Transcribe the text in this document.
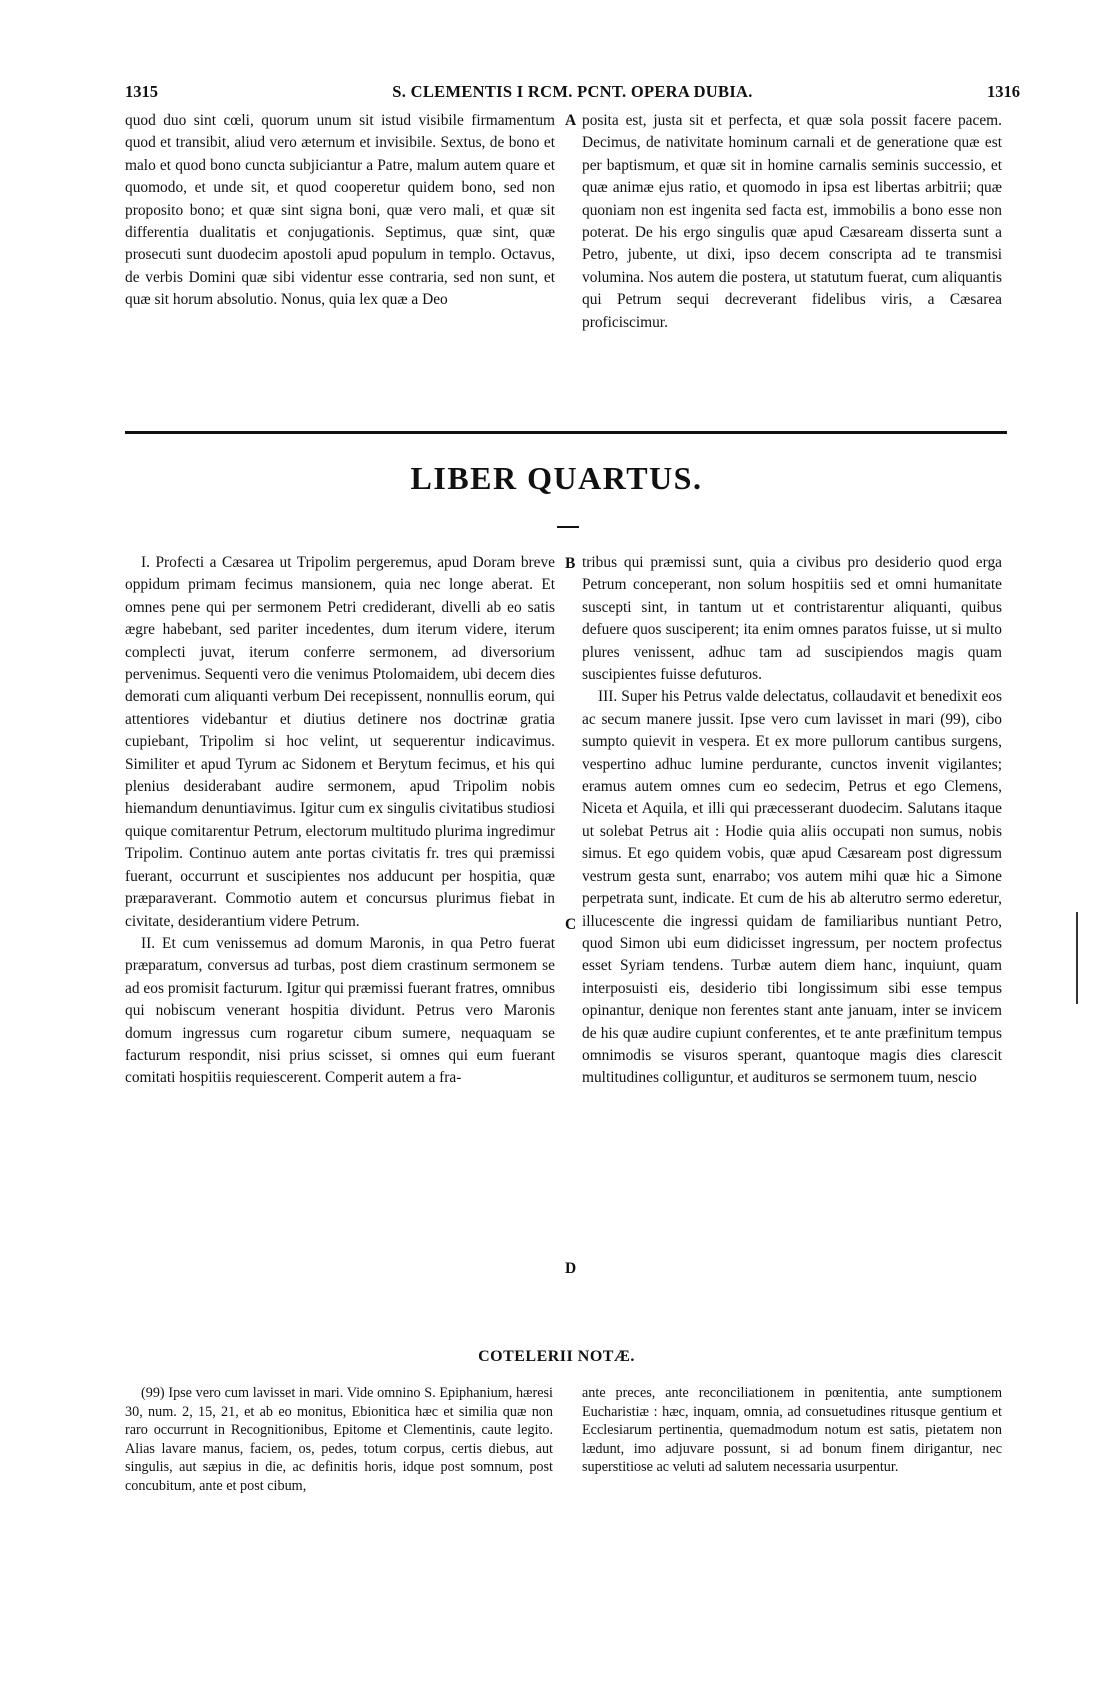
1315	S. CLEMENTIS I RCM. PCNT. OPERA DUBIA.	1316

quod duo sint cœli, quorum unum sit istud visibile firmamentum quod et transibit, aliud vero æternum et invisibile. Sextus, de bono et malo et quod bono cuncta subjiciantur a Patre, malum autem quare et quomodo, et unde sit, et quod cooperetur quidem bono, sed non proposito bono; et quæ sint signa boni, quæ vero mali, et quæ sit differentia dualitatis et conjugationis. Septimus, quæ sint, quæ prosecuti sunt duodecim apostoli apud populum in templo. Octavus, de verbis Domini quæ sibi videntur esse contraria, sed non sunt, et quæ sit horum absolutio. Nonus, quia lex quæ a Deo

A posita est, justa sit et perfecta, et quæ sola possit facere pacem. Decimus, de nativitate hominum carnali et de generatione quæ est per baptismum, et quæ sit in homine carnalis seminis successio, et quæ animæ ejus ratio, et quomodo in ipsa est libertas arbitrii; quæ quoniam non est ingenita sed facta est, immobilis a bono esse non poterat. De his ergo singulis quæ apud Cæsaream disserta sunt a Petro, jubente, ut dixi, ipso decem conscripta ad te transmisi volumina. Nos autem die postera, ut statutum fuerat, cum aliquantis qui Petrum sequi decreverant fidelibus viris, a Cæsarea proficiscimur.

LIBER QUARTUS.

I. Profecti a Cæsarea ut Tripolim pergeremus, apud Doram breve oppidum primam fecimus mansionem, quia nec longe aberat. Et omnes pene qui per sermonem Petri crediderant, divelli ab eo satis ægre habebant, sed pariter incedentes, dum iterum videre, iterum complecti juvat, iterum conferre sermonem, ad diversorium pervenimus. Sequenti vero die venimus Ptolomaidem, ubi decem dies demorati cum aliquanti verbum Dei recepissent, nonnullis eorum, qui attentiores videbantur et diutius detinere nos doctrinæ gratia cupiebant, Tripolim si hoc velint, ut sequerentur indicavimus. Similiter et apud Tyrum ac Sidonem et Berytum fecimus, et his qui plenius desiderabant audire sermonem, apud Tripolim nobis hiemandum denuntiavimus. Igitur cum ex singulis civitatibus studiosi quique comitarentur Petrum, electorum multitudo plurima ingredimur Tripolim. Continuo autem ante portas civitatis fr. tres qui præmissi fuerant, occurrunt et suscipientes nos adducunt per hospitia, quæ præparaverant. Commotio autem et concursus plurimus fiebat in civitate, desiderantium videre Petrum.

II. Et cum venissemus ad domum Maronis, in qua Petro fuerat præparatum, conversus ad turbas, post diem crastinum sermonem se ad eos promisit facturum. Igitur qui præmissi fuerant fratres, omnibus qui nobiscum venerant hospitia dividunt. Petrus vero Maronis domum ingressus cum rogaretur cibum sumere, nequaquam se facturum respondit, nisi prius scisset, si omnes qui eum fuerant comitati hospitiis requiescerent. Comperit autem a fra-

B
C
D

tribus qui præmissi sunt, quia a civibus pro desiderio quod erga Petrum conceperant, non solum hospitiis sed et omni humanitate suscepti sint, in tantum ut et contristarentur aliquanti, quibus defuere quos susciperent; ita enim omnes paratos fuisse, ut si multo plures venissent, adhuc tam ad suscipiendos magis quam suscipientes fuisse defuturos.

III. Super his Petrus valde delectatus, collaudavit et benedixit eos ac secum manere jussit. Ipse vero cum lavisset in mari (99), cibo sumpto quievit in vespera. Et ex more pullorum cantibus surgens, vespertino adhuc lumine perdurante, cunctos invenit vigilantes; eramus autem omnes cum eo sedecim, Petrus et ego Clemens, Niceta et Aquila, et illi qui præcesserant duodecim. Salutans itaque ut solebat Petrus ait : Hodie quia aliis occupati non sumus, nobis simus. Et ego quidem vobis, quæ apud Cæsaream post digressum vestrum gesta sunt, enarrabo; vos autem mihi quæ hic a Simone perpetrata sunt, indicate. Et cum de his ab alterutro sermo ederetur, illucescente die ingressi quidam de familiaribus nuntiant Petro, quod Simon ubi eum didicisset ingressum, per noctem profectus esset Syriam tendens. Turbæ autem diem hanc, inquiunt, quam interposuisti eis, desiderio tibi longissimum sibi esse tempus opinantur, denique non ferentes stant ante januam, inter se invicem de his quæ audire cupiunt conferentes, et te ante præfinitum tempus omnimodis se visuros sperant, quantoque magis dies clarescit multitudines colliguntur, et audituros se sermonem tuum, nescio

COTELERII NOTÆ.

(99) Ipse vero cum lavisset in mari. Vide omnino S. Epiphanium, hæresi 30, num. 2, 15, 21, et ab eo monitus, Ebionitica hæc et similia quæ non raro occurrunt in Recognitionibus, Epitome et Clementinis, caute legito. Alias lavare manus, faciem, os, pedes, totum corpus, certis diebus, aut singulis, aut sæpius in die, ac definitis horis, idque post somnum, post concubitum, ante et post cibum,

ante preces, ante reconciliationem in pœnitentia, ante sumptionem Eucharistiæ : hæc, inquam, omnia, ad consuetudines ritusque gentium et Ecclesiarum pertinentia, quemadmodum notum est satis, pietatem non lædunt, imo adjuvare possunt, si ad bonum finem dirigantur, nec superstitiose ac veluti ad salutem necessaria usurpentur.
